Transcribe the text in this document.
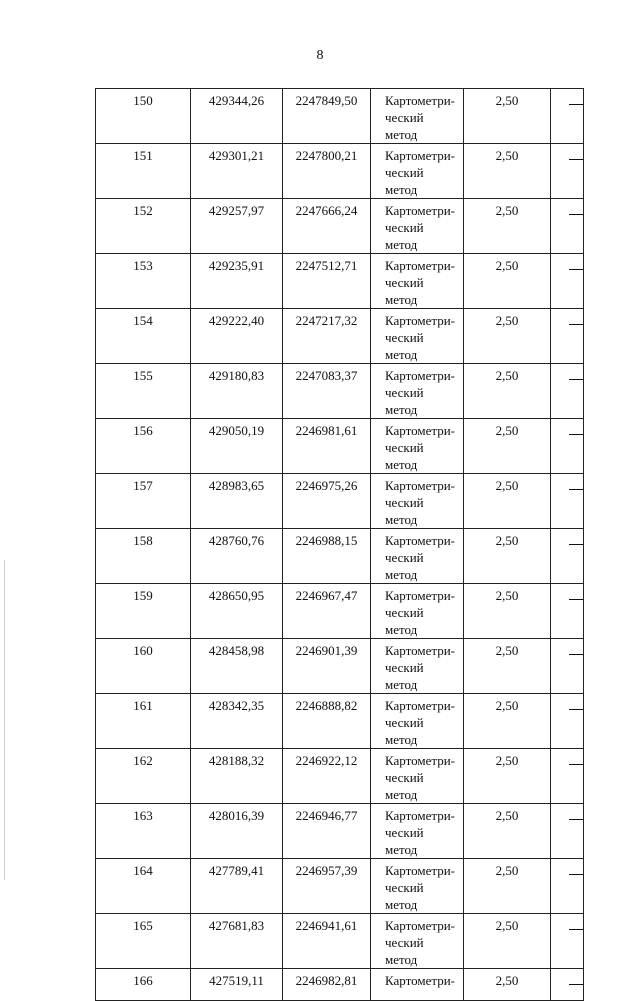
8
150	429344,26	2247849,50	Картометри-
ческий метод	2,50	
151	429301,21	2247800,21	Картометри-
ческий метод	2,50	
152	429257,97	2247666,24	Картометри-
ческий метод	2,50	
153	429235,91	2247512,71	Картометри-
ческий метод	2,50	
154	429222,40	2247217,32	Картометри-
ческий метод	2,50	
155	429180,83	2247083,37	Картометри-
ческий метод	2,50	
156	429050,19	2246981,61	Картометри-
ческий метод	2,50	
157	428983,65	2246975,26	Картометри-
ческий метод	2,50	
158	428760,76	2246988,15	Картометри-
ческий метод	2,50	
159	428650,95	2246967,47	Картометри-
ческий метод	2,50	
160	428458,98	2246901,39	Картометри-
ческий метод	2,50	
161	428342,35	2246888,82	Картометри-
ческий метод	2,50	
162	428188,32	2246922,12	Картометри-
ческий метод	2,50	
163	428016,39	2246946,77	Картометри-
ческий метод	2,50	
164	427789,41	2246957,39	Картометри-
ческий метод	2,50	
165	427681,83	2246941,61	Картометри-
ческий метод	2,50	
166	427519,11	2246982,81	Картометри-	2,50	
